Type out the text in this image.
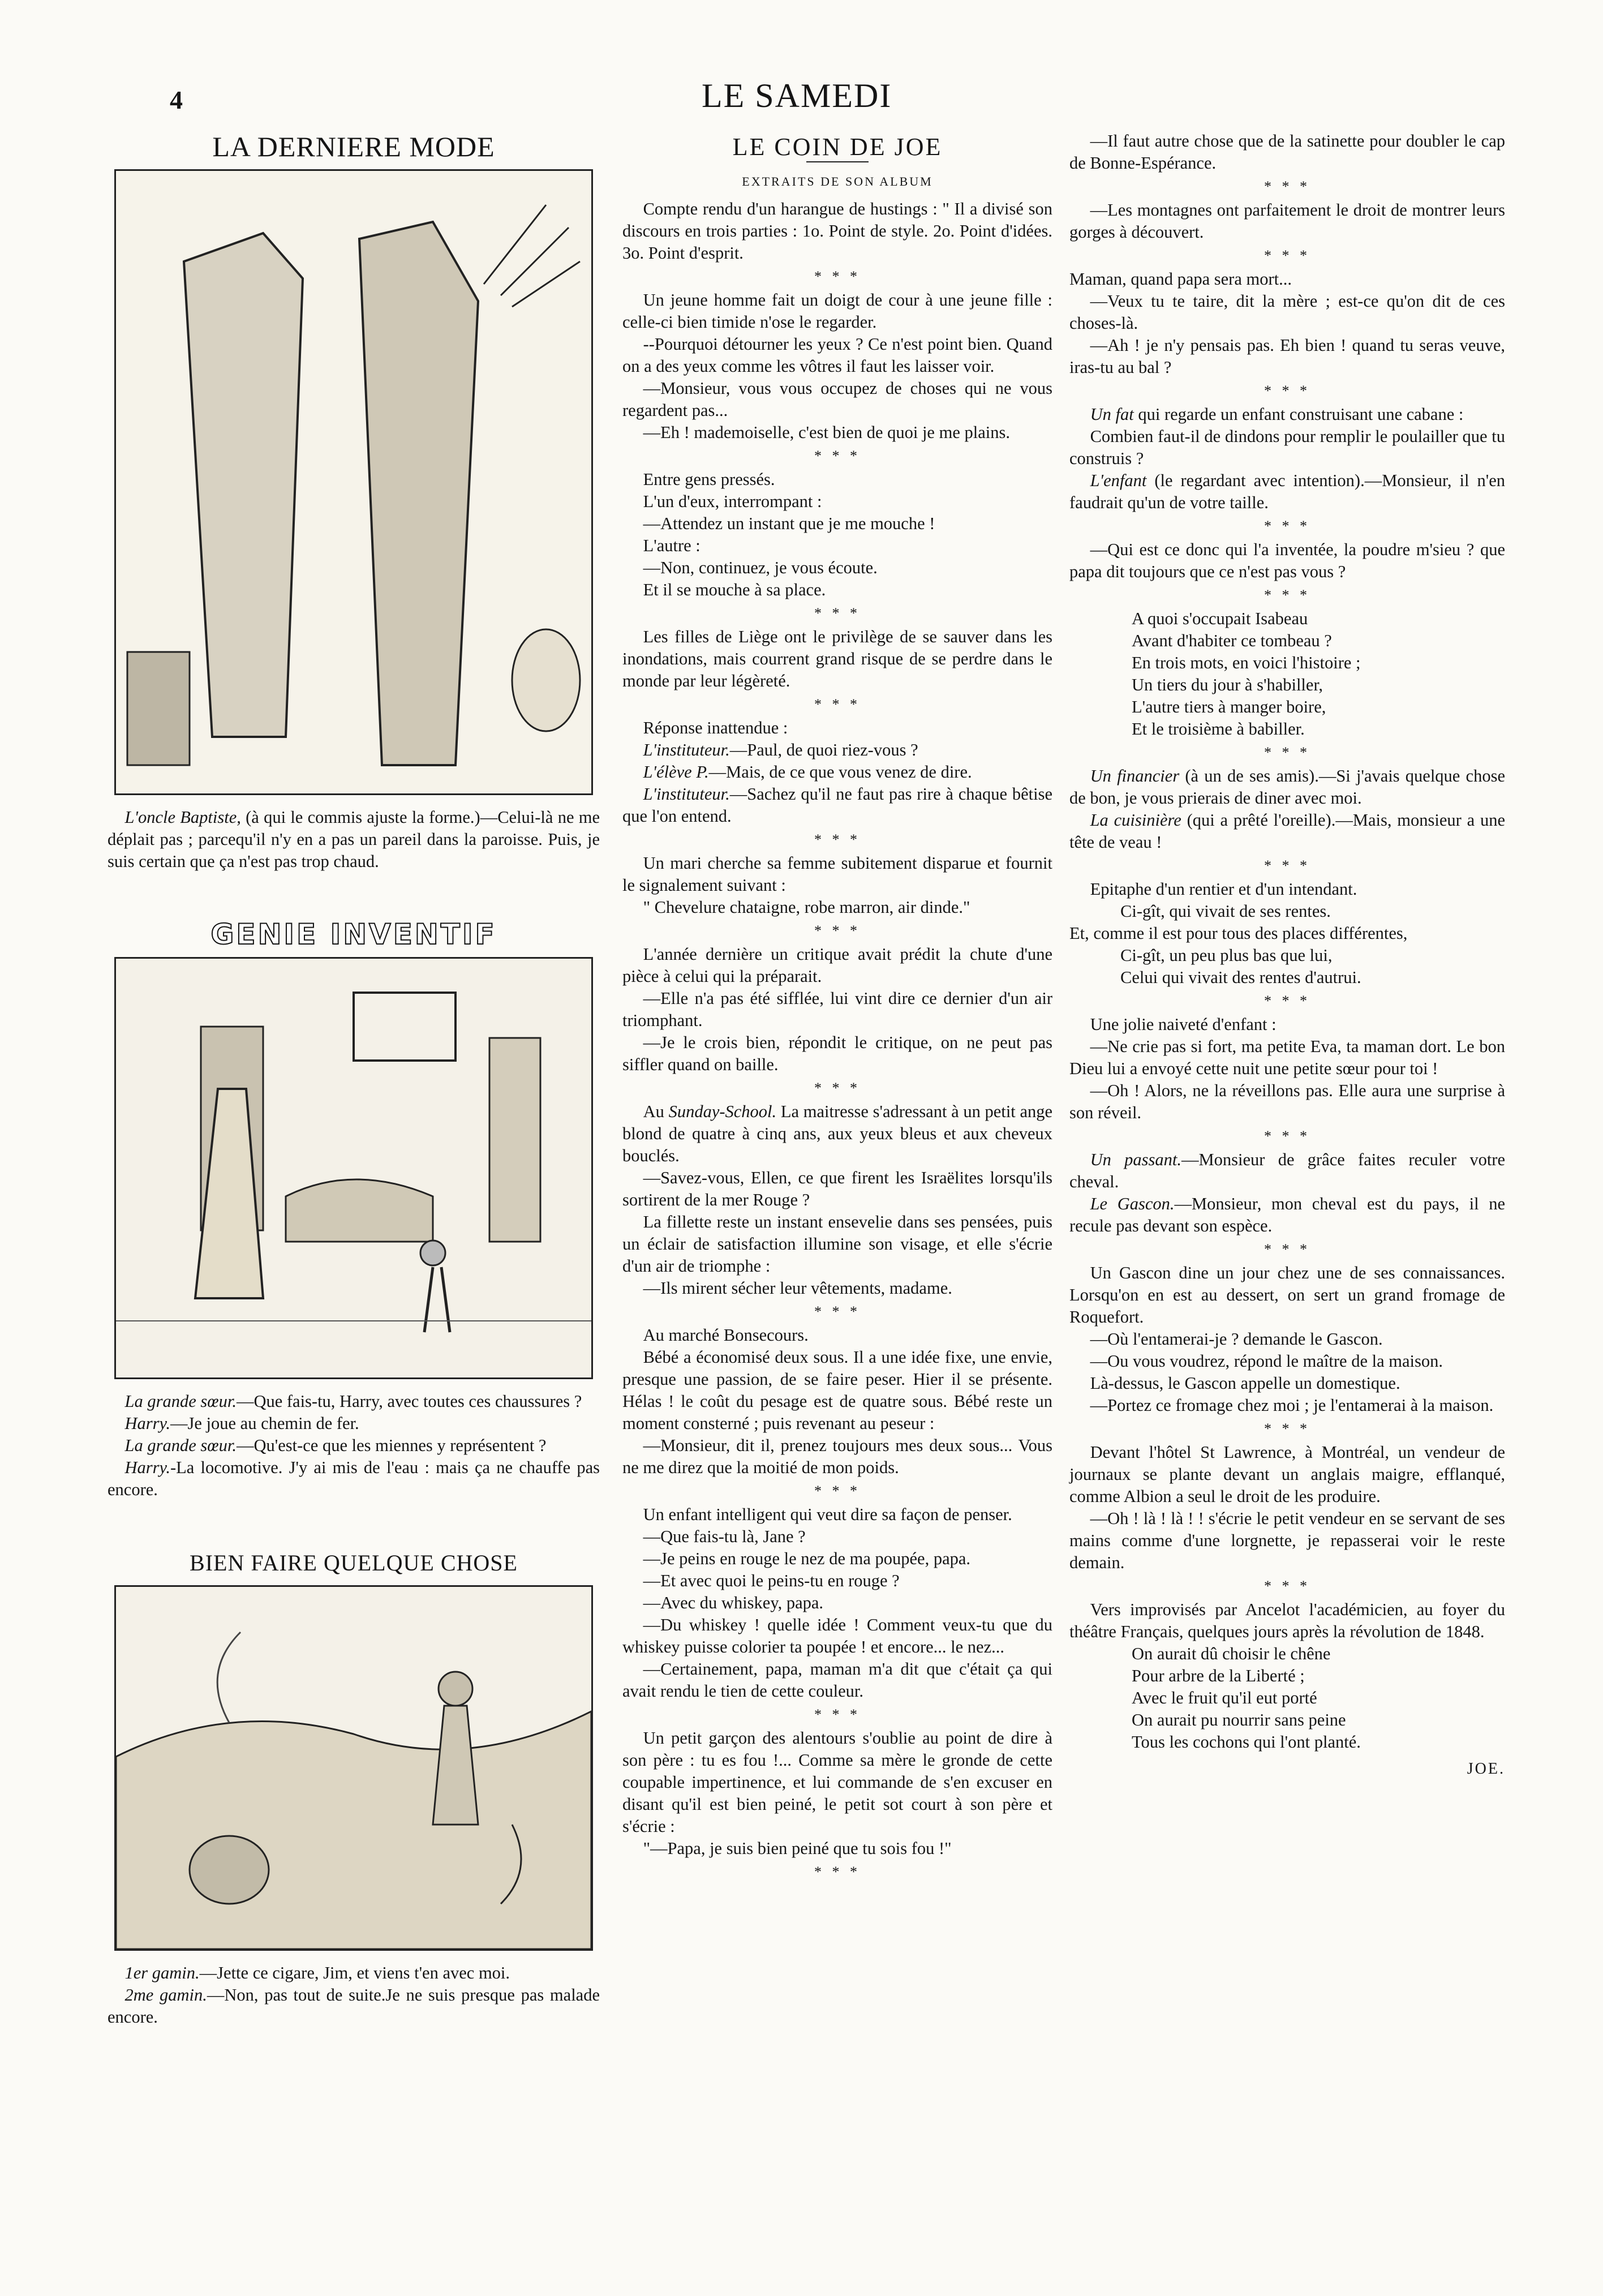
4	LE SAMEDI
LA DERNIERE MODE

L'oncle Baptiste, (à qui le commis ajuste la forme.)—Celui-là ne me déplait pas ; parcequ'il n'y en a pas un pareil dans la paroisse. Puis, je suis certain que ça n'est pas trop chaud.

GENIE INVENTIF

La grande sœur.—Que fais-tu, Harry, avec toutes ces chaussures ?

Harry.—Je joue au chemin de fer.

La grande sœur.—Qu'est-ce que les miennes y représentent ?

Harry.-La locomotive. J'y ai mis de l'eau : mais ça ne chauffe pas encore.

BIEN FAIRE QUELQUE CHOSE

1er gamin.—Jette ce cigare, Jim, et viens t'en avec moi.

2me gamin.—Non, pas tout de suite.Je ne suis presque pas malade encore.

LE COIN DE JOE
EXTRAITS DE SON ALBUM

Compte rendu d'un harangue de hustings : " Il a divisé son discours en trois parties : 1o. Point de style. 2o. Point d'idées. 3o. Point d'esprit.

* * *

Un jeune homme fait un doigt de cour à une jeune fille : celle-ci bien timide n'ose le regarder.

--Pourquoi détourner les yeux ? Ce n'est point bien. Quand on a des yeux comme les vôtres il faut les laisser voir.

—Monsieur, vous vous occupez de choses qui ne vous regardent pas...

—Eh ! mademoiselle, c'est bien de quoi je me plains.

* * *

Entre gens pressés.

L'un d'eux, interrompant :

—Attendez un instant que je me mouche !

L'autre :

—Non, continuez, je vous écoute.

Et il se mouche à sa place.

* * *

Les filles de Liège ont le privilège de se sauver dans les inondations, mais courrent grand risque de se perdre dans le monde par leur légèreté.

* * *

Réponse inattendue :

L'instituteur.—Paul, de quoi riez-vous ?

L'élève P.—Mais, de ce que vous venez de dire.

L'instituteur.—Sachez qu'il ne faut pas rire à chaque bêtise que l'on entend.

* * *

Un mari cherche sa femme subitement disparue et fournit le signalement suivant :

" Chevelure chataigne, robe marron, air dinde."

* * *

L'année dernière un critique avait prédit la chute d'une pièce à celui qui la préparait.

—Elle n'a pas été sifflée, lui vint dire ce dernier d'un air triomphant.

—Je le crois bien, répondit le critique, on ne peut pas siffler quand on baille.

* * *

Au Sunday-School. La maitresse s'adressant à un petit ange blond de quatre à cinq ans, aux yeux bleus et aux cheveux bouclés.

—Savez-vous, Ellen, ce que firent les Israëlites lorsqu'ils sortirent de la mer Rouge ?

La fillette reste un instant ensevelie dans ses pensées, puis un éclair de satisfaction illumine son visage, et elle s'écrie d'un air de triomphe :

—Ils mirent sécher leur vêtements, madame.

* * *

Au marché Bonsecours.

Bébé a économisé deux sous. Il a une idée fixe, une envie, presque une passion, de se faire peser. Hier il se présente. Hélas ! le coût du pesage est de quatre sous. Bébé reste un moment consterné ; puis revenant au peseur :

—Monsieur, dit il, prenez toujours mes deux sous... Vous ne me direz que la moitié de mon poids.

* * *

Un enfant intelligent qui veut dire sa façon de penser.

—Que fais-tu là, Jane ?

—Je peins en rouge le nez de ma poupée, papa.

—Et avec quoi le peins-tu en rouge ?

—Avec du whiskey, papa.

—Du whiskey ! quelle idée ! Comment veux-tu que du whiskey puisse colorier ta poupée ! et encore... le nez...

—Certainement, papa, maman m'a dit que c'était ça qui avait rendu le tien de cette couleur.

* * *

Un petit garçon des alentours s'oublie au point de dire à son père : tu es fou !... Comme sa mère le gronde de cette coupable impertinence, et lui commande de s'en excuser en disant qu'il est bien peiné, le petit sot court à son père et s'écrie :

"—Papa, je suis bien peiné que tu sois fou !"

* * *

—Il faut autre chose que de la satinette pour doubler le cap de Bonne-Espérance.

* * *

—Les montagnes ont parfaitement le droit de montrer leurs gorges à découvert.

* * *

Maman, quand papa sera mort...

—Veux tu te taire, dit la mère ; est-ce qu'on dit de ces choses-là.

—Ah ! je n'y pensais pas. Eh bien ! quand tu seras veuve, iras-tu au bal ?

* * *

Un fat qui regarde un enfant construisant une cabane :

Combien faut-il de dindons pour remplir le poulailler que tu construis ?

L'enfant (le regardant avec intention).—Monsieur, il n'en faudrait qu'un de votre taille.

* * *

—Qui est ce donc qui l'a inventée, la poudre m'sieu ? que papa dit toujours que ce n'est pas vous ?

* * *

A quoi s'occupait Isabeau

Avant d'habiter ce tombeau ?

En trois mots, en voici l'histoire ;

Un tiers du jour à s'habiller,

L'autre tiers à manger boire,

Et le troisième à babiller.

* * *

Un financier (à un de ses amis).—Si j'avais quelque chose de bon, je vous prierais de diner avec moi.

La cuisinière (qui a prêté l'oreille).—Mais, monsieur a une tête de veau !

* * *

Epitaphe d'un rentier et d'un intendant.

Ci-gît, qui vivait de ses rentes.

Et, comme il est pour tous des places différentes,

Ci-gît, un peu plus bas que lui,

Celui qui vivait des rentes d'autrui.

* * *

Une jolie naiveté d'enfant :

—Ne crie pas si fort, ma petite Eva, ta maman dort. Le bon Dieu lui a envoyé cette nuit une petite sœur pour toi !

—Oh ! Alors, ne la réveillons pas. Elle aura une surprise à son réveil.

* * *

Un passant.—Monsieur de grâce faites reculer votre cheval.

Le Gascon.—Monsieur, mon cheval est du pays, il ne recule pas devant son espèce.

* * *

Un Gascon dine un jour chez une de ses connaissances. Lorsqu'on en est au dessert, on sert un grand fromage de Roquefort.

—Où l'entamerai-je ? demande le Gascon.

—Ou vous voudrez, répond le maître de la maison.

Là-dessus, le Gascon appelle un domestique.

—Portez ce fromage chez moi ; je l'entamerai à la maison.

* * *

Devant l'hôtel St Lawrence, à Montréal, un vendeur de journaux se plante devant un anglais maigre, efflanqué, comme Albion a seul le droit de les produire.

—Oh ! là ! là ! ! s'écrie le petit vendeur en se servant de ses mains comme d'une lorgnette, je repasserai voir le reste demain.

* * *

Vers improvisés par Ancelot l'académicien, au foyer du théâtre Français, quelques jours après la révolution de 1848.

On aurait dû choisir le chêne

Pour arbre de la Liberté ;

Avec le fruit qu'il eut porté

On aurait pu nourrir sans peine

Tous les cochons qui l'ont planté.

JOE.
